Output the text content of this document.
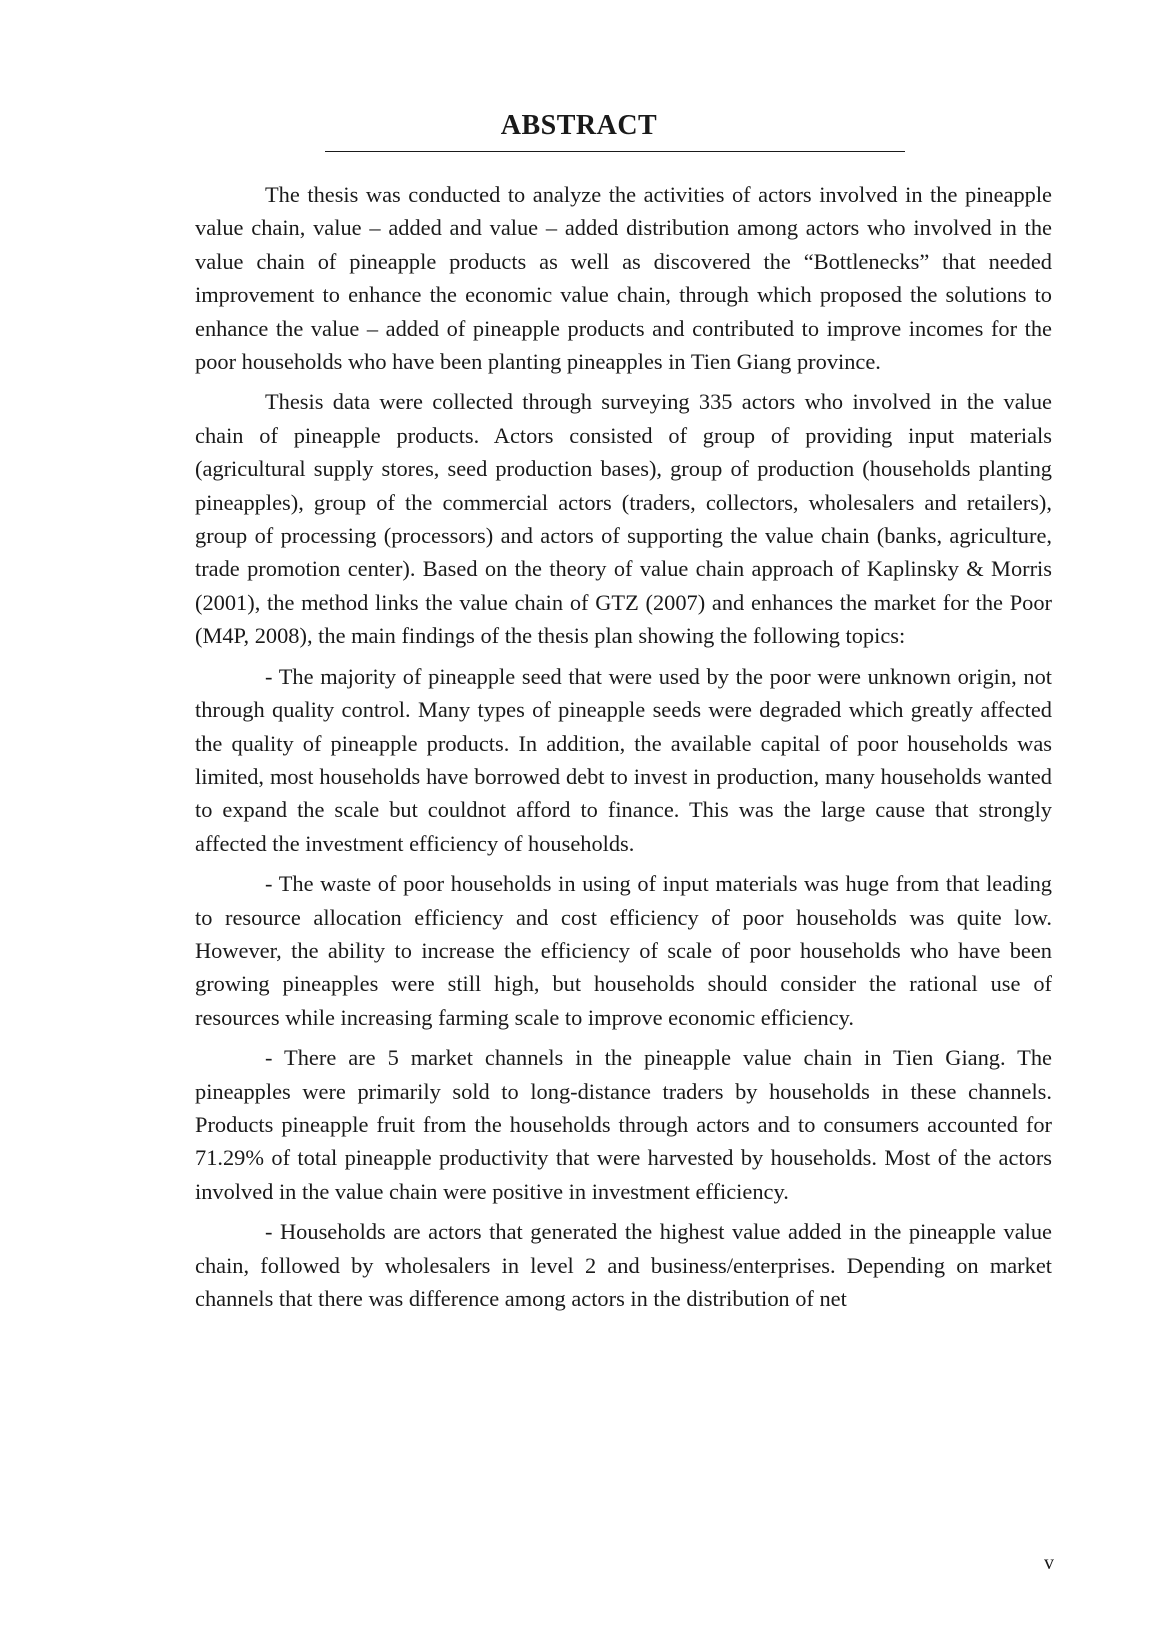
ABSTRACT

The thesis was conducted to analyze the activities of actors involved in the pineapple value chain, value – added and value – added distribution among actors who involved in the value chain of pineapple products as well as discovered the “Bottlenecks” that needed improvement to enhance the economic value chain, through which proposed the solutions to enhance the value – added of pineapple products and contributed to improve incomes for the poor households who have been planting pineapples in Tien Giang province.

Thesis data were collected through surveying 335 actors who involved in the value chain of pineapple products. Actors consisted of group of providing input materials (agricultural supply stores, seed production bases), group of production (households planting pineapples), group of the commercial actors (traders, collectors, wholesalers and retailers), group of processing (processors) and actors of supporting the value chain (banks, agriculture, trade promotion center). Based on the theory of value chain approach of Kaplinsky & Morris (2001), the method links the value chain of GTZ (2007) and enhances the market for the Poor (M4P, 2008), the main findings of the thesis plan showing the following topics:

- The majority of pineapple seed that were used by the poor were unknown origin, not through quality control. Many types of pineapple seeds were degraded which greatly affected the quality of pineapple products. In addition, the available capital of poor households was limited, most households have borrowed debt to invest in production, many households wanted to expand the scale but couldnot afford to finance. This was the large cause that strongly affected the investment efficiency of households.

- The waste of poor households in using of input materials was huge from that leading to resource allocation efficiency and cost efficiency of poor households was quite low. However, the ability to increase the efficiency of scale of poor households who have been growing pineapples were still high, but households should consider the rational use of resources while increasing farming scale to improve economic efficiency.

- There are 5 market channels in the pineapple value chain in Tien Giang. The pineapples were primarily sold to long-distance traders by households in these channels. Products pineapple fruit from the households through actors and to consumers accounted for 71.29% of total pineapple productivity that were harvested by households. Most of the actors involved in the value chain were positive in investment efficiency.

- Households are actors that generated the highest value added in the pineapple value chain, followed by wholesalers in level 2 and business/enterprises. Depending on market channels that there was difference among actors in the distribution of net

v
